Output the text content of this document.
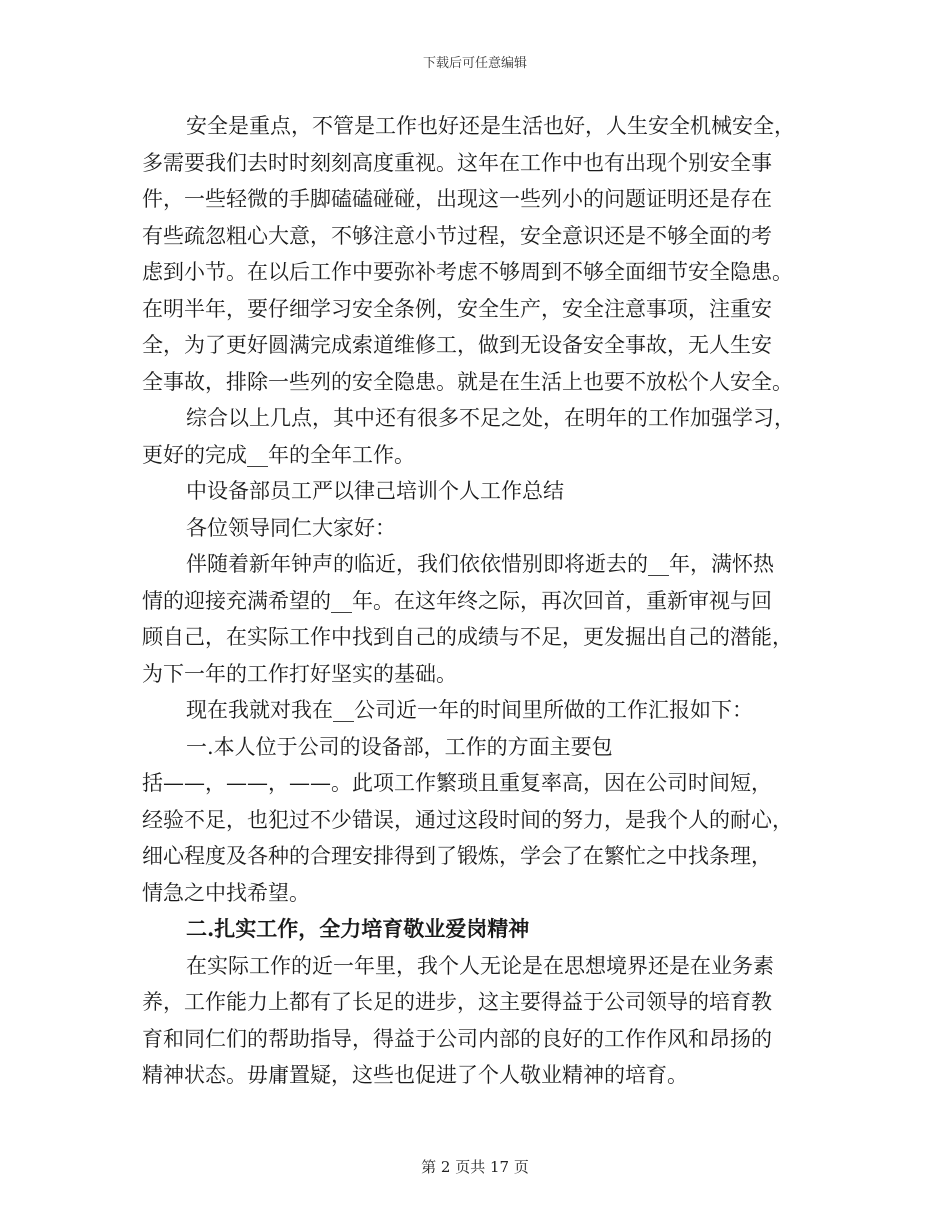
下载后可任意编辑
安全是重点，不管是工作也好还是生活也好，人生安全机械安全，
多需要我们去时时刻刻高度重视。这年在工作中也有出现个别安全事
件，一些轻微的手脚磕磕碰碰，出现这一些列小的问题证明还是存在
有些疏忽粗心大意，不够注意小节过程，安全意识还是不够全面的考
虑到小节。在以后工作中要弥补考虑不够周到不够全面细节安全隐患。
在明半年，要仔细学习安全条例，安全生产，安全注意事项，注重安
全，为了更好圆满完成索道维修工，做到无设备安全事故，无人生安
全事故，排除一些列的安全隐患。就是在生活上也要不放松个人安全。
综合以上几点，其中还有很多不足之处，在明年的工作加强学习，
更好的完成__年的全年工作。
中设备部员工严以律己培训个人工作总结
各位领导同仁大家好：
伴随着新年钟声的临近，我们依依惜别即将逝去的__年，满怀热
情的迎接充满希望的__年。在这年终之际，再次回首，重新审视与回
顾自己，在实际工作中找到自己的成绩与不足，更发掘出自己的潜能，
为下一年的工作打好坚实的基础。
现在我就对我在__公司近一年的时间里所做的工作汇报如下：
一.本人位于公司的设备部，工作的方面主要包
括——，——，——。此项工作繁琐且重复率高，因在公司时间短，
经验不足，也犯过不少错误，通过这段时间的努力，是我个人的耐心，
细心程度及各种的合理安排得到了锻炼，学会了在繁忙之中找条理，
情急之中找希望。
二.扎实工作，全力培育敬业爱岗精神
在实际工作的近一年里，我个人无论是在思想境界还是在业务素
养，工作能力上都有了长足的进步，这主要得益于公司领导的培育教
育和同仁们的帮助指导，得益于公司内部的良好的工作作风和昂扬的
精神状态。毋庸置疑，这些也促进了个人敬业精神的培育。
第 2 页共 17 页
